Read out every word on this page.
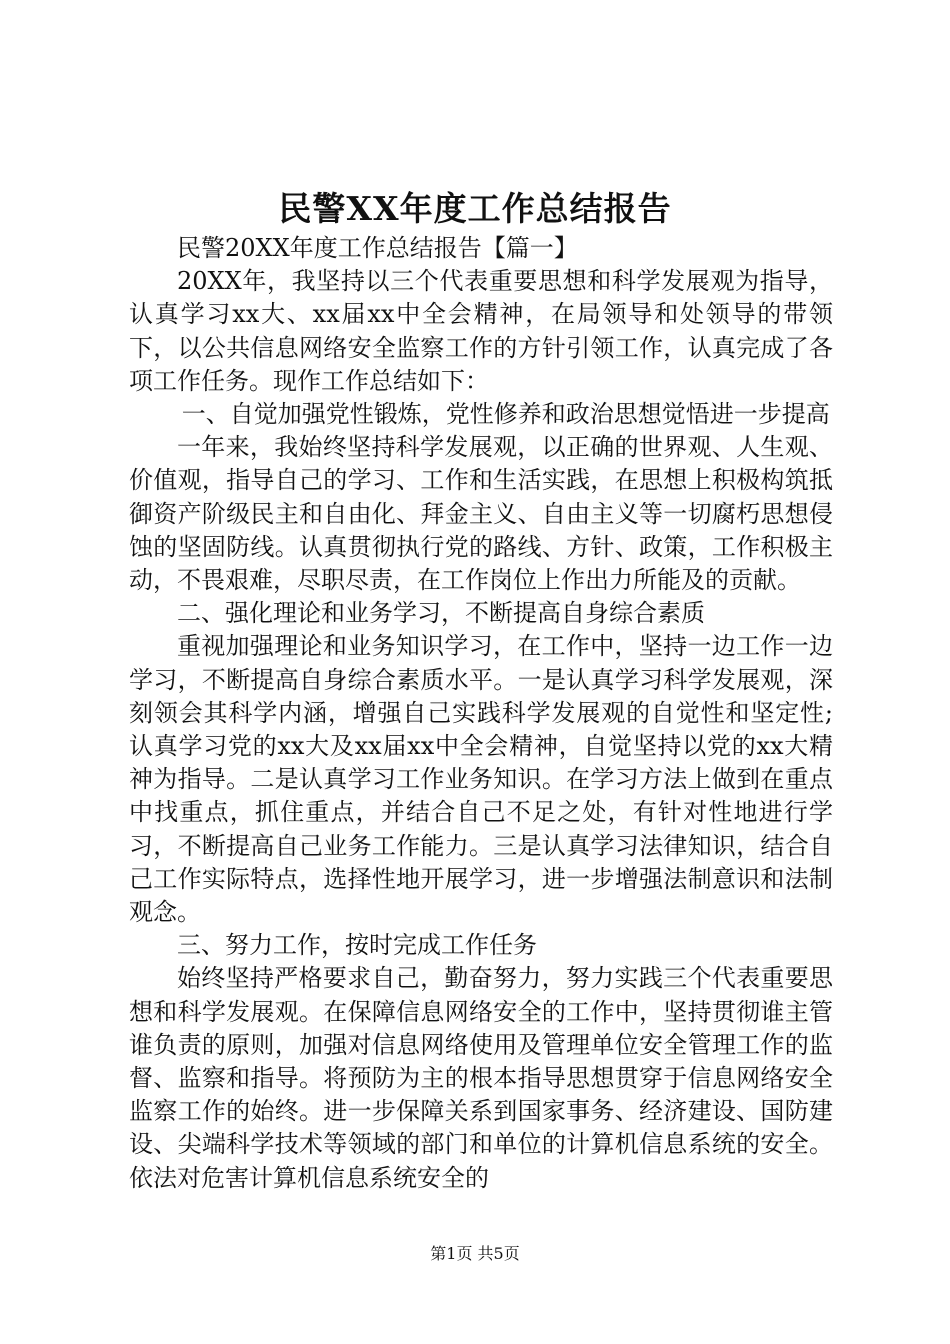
民警XX年度工作总结报告

民警20XX年度工作总结报告【篇一】

20XX年，我坚持以三个代表重要思想和科学发展观为指导，认真学习xx大、xx届xx中全会精神，在局领导和处领导的带领下，以公共信息网络安全监察工作的方针引领工作，认真完成了各项工作任务。现作工作总结如下：

一、自觉加强党性锻炼，党性修养和政治思想觉悟进一步提高

一年来，我始终坚持科学发展观，以正确的世界观、人生观、价值观，指导自己的学习、工作和生活实践，在思想上积极构筑抵御资产阶级民主和自由化、拜金主义、自由主义等一切腐朽思想侵蚀的坚固防线。认真贯彻执行党的路线、方针、政策，工作积极主动，不畏艰难，尽职尽责，在工作岗位上作出力所能及的贡献。

二、强化理论和业务学习，不断提高自身综合素质

重视加强理论和业务知识学习，在工作中，坚持一边工作一边学习，不断提高自身综合素质水平。一是认真学习科学发展观，深刻领会其科学内涵，增强自己实践科学发展观的自觉性和坚定性;认真学习党的xx大及xx届xx中全会精神，自觉坚持以党的xx大精神为指导。二是认真学习工作业务知识。在学习方法上做到在重点中找重点，抓住重点，并结合自己不足之处，有针对性地进行学习，不断提高自己业务工作能力。三是认真学习法律知识，结合自己工作实际特点，选择性地开展学习，进一步增强法制意识和法制观念。

三、努力工作，按时完成工作任务

始终坚持严格要求自己，勤奋努力，努力实践三个代表重要思想和科学发展观。在保障信息网络安全的工作中，坚持贯彻谁主管谁负责的原则，加强对信息网络使用及管理单位安全管理工作的监督、监察和指导。将预防为主的根本指导思想贯穿于信息网络安全监察工作的始终。进一步保障关系到国家事务、经济建设、国防建设、尖端科学技术等领域的部门和单位的计算机信息系统的安全。依法对危害计算机信息系统安全的

第1页 共5页
